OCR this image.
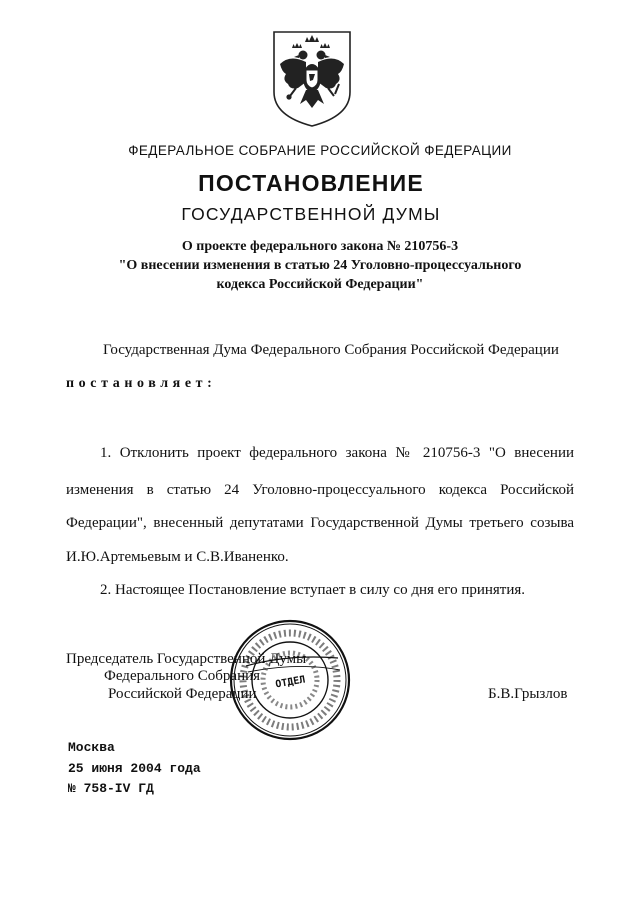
ФЕДЕРАЛЬНОЕ СОБРАНИЕ РОССИЙСКОЙ ФЕДЕРАЦИИ
ПОСТАНОВЛЕНИЕ
ГОСУДАРСТВЕННОЙ ДУМЫ
О проекте федерального закона № 210756-3
"О внесении изменения в статью 24 Уголовно-процессуального
кодекса Российской Федерации"
Государственная Дума Федерального Собрания Российской Федерации
постановляет:
1. Отклонить проект федерального закона № 210756-3 "О внесении
изменения в статью 24 Уголовно-процессуального кодекса Российской
Федерации", внесенный депутатами Государственной Думы третьего созыва
И.Ю.Артемьевым и С.В.Иваненко.
2. Настоящее Постановление вступает в силу со дня его принятия.
Председатель Государственной Думы
Федерального Собрания
Российской Федерации	Б.В.Грызлов
ОТДЕЛ
Москва
25 июня 2004 года
№ 758-IV ГД
